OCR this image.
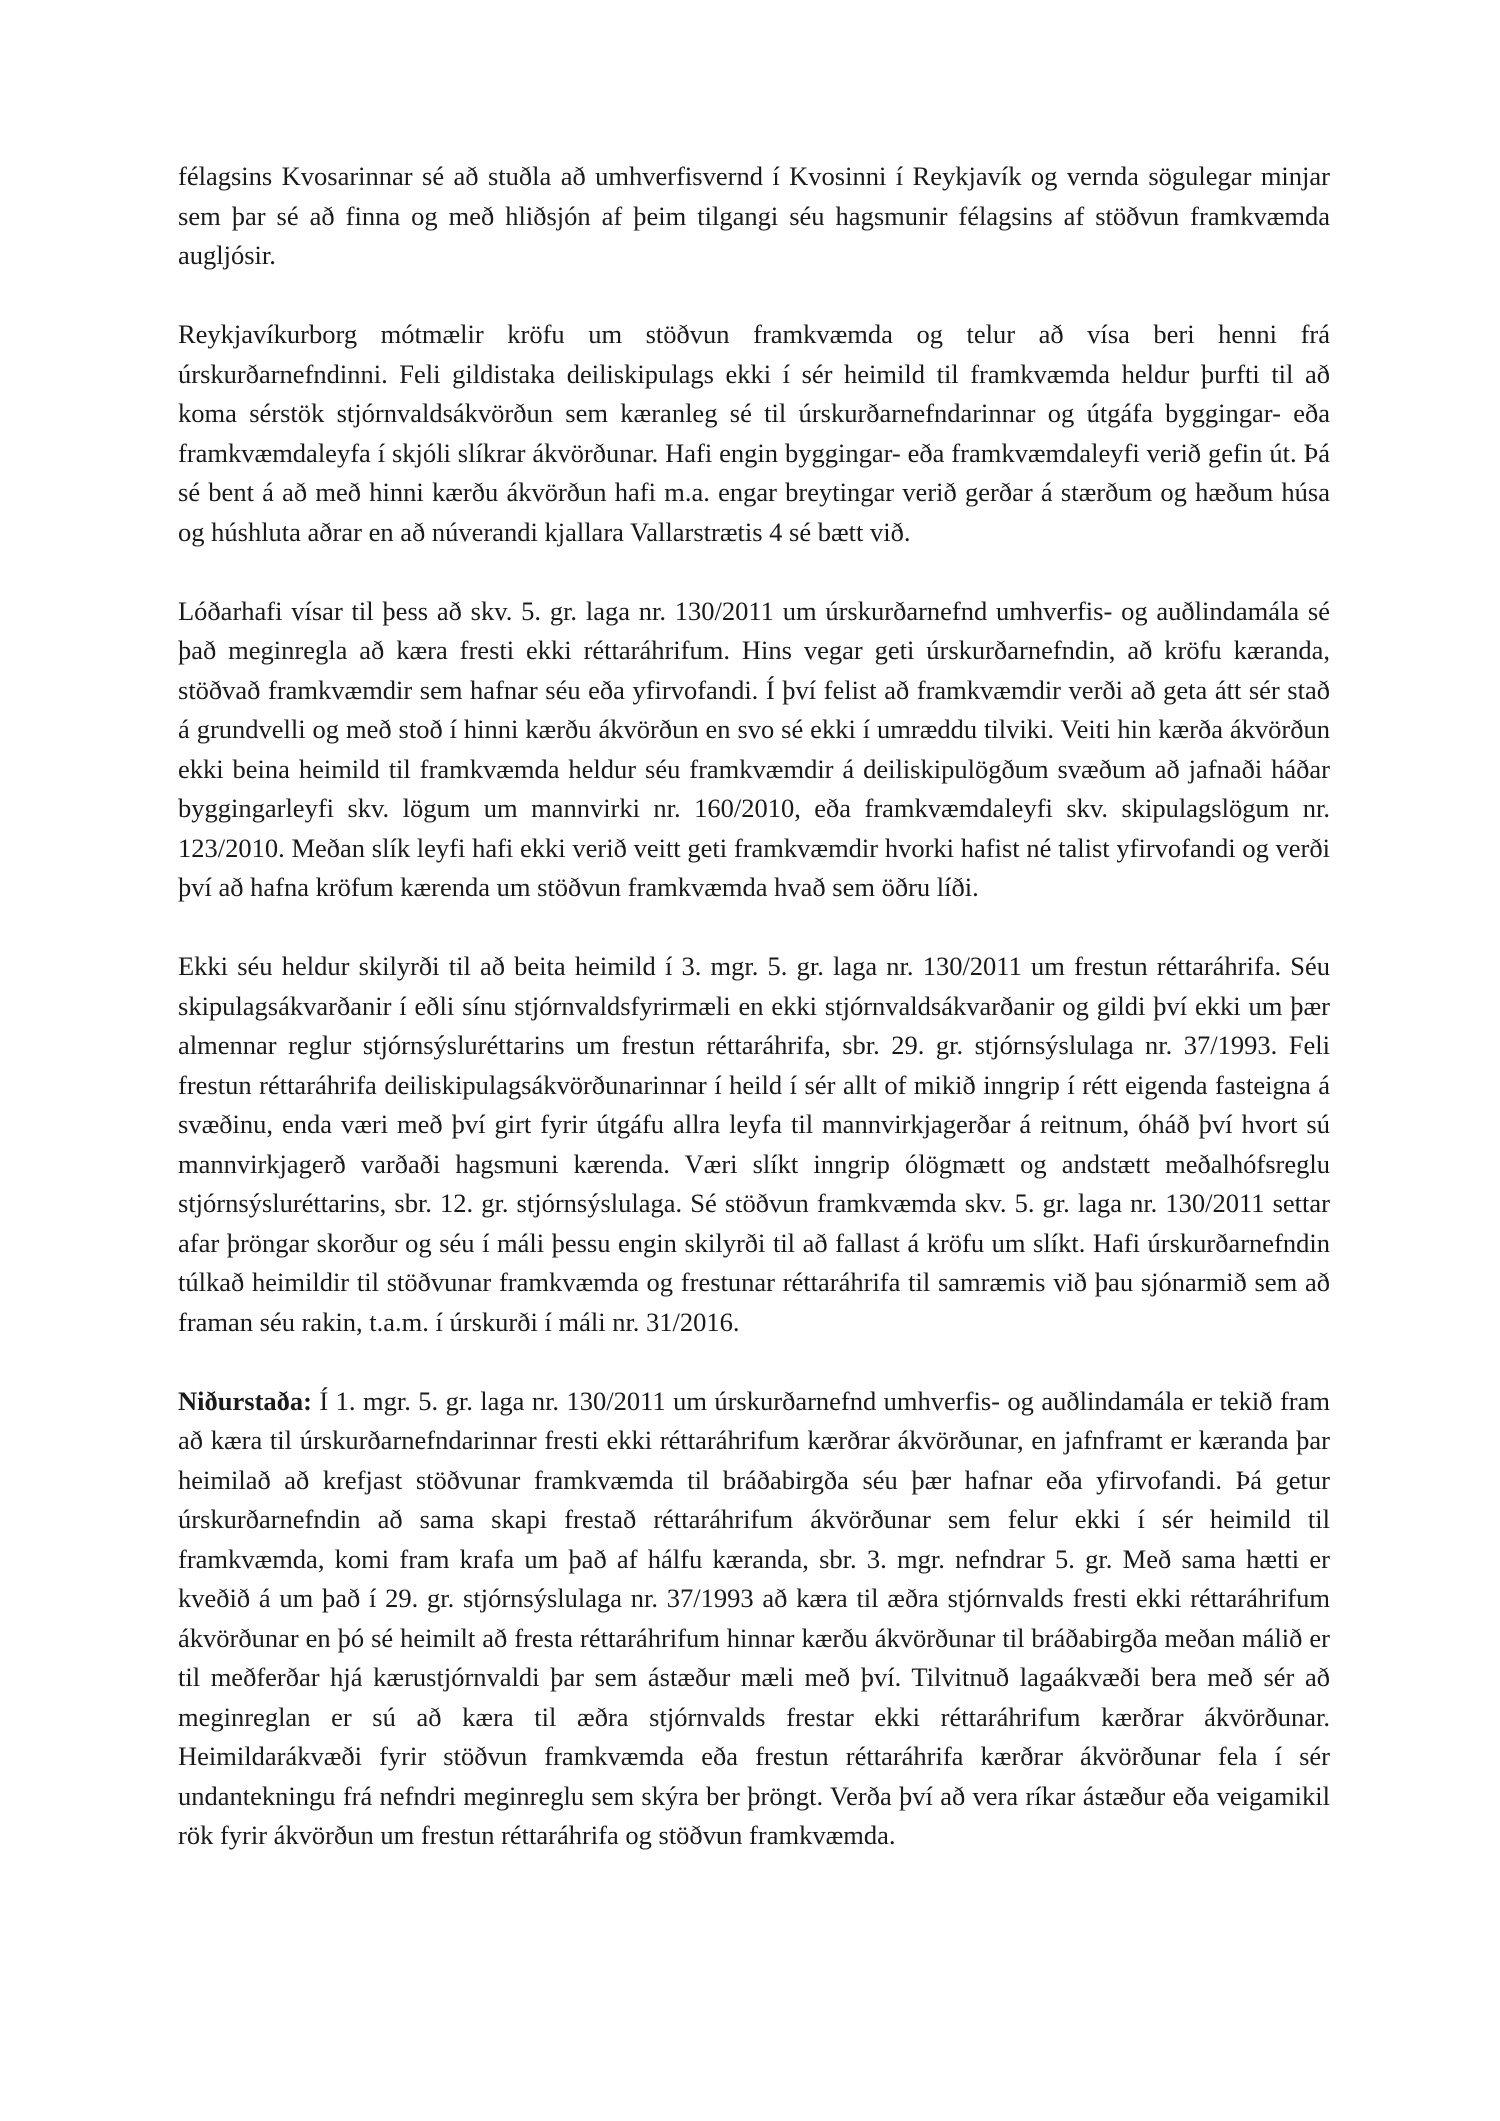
félagsins Kvosarinnar sé að stuðla að umhverfisvernd í Kvosinni í Reykjavík og vernda sögulegar minjar sem þar sé að finna og með hliðsjón af þeim tilgangi séu hagsmunir félagsins af stöðvun framkvæmda augljósir.

Reykjavíkurborg mótmælir kröfu um stöðvun framkvæmda og telur að vísa beri henni frá úrskurðarnefndinni. Feli gildistaka deiliskipulags ekki í sér heimild til framkvæmda heldur þurfti til að koma sérstök stjórnvaldsákvörðun sem kæranleg sé til úrskurðarnefndarinnar og útgáfa byggingar- eða framkvæmdaleyfa í skjóli slíkrar ákvörðunar. Hafi engin byggingar- eða framkvæmdaleyfi verið gefin út. Þá sé bent á að með hinni kærðu ákvörðun hafi m.a. engar breytingar verið gerðar á stærðum og hæðum húsa og húshluta aðrar en að núverandi kjallara Vallarstrætis 4 sé bætt við.

Lóðarhafi vísar til þess að skv. 5. gr. laga nr. 130/2011 um úrskurðarnefnd umhverfis- og auðlindamála sé það meginregla að kæra fresti ekki réttaráhrifum. Hins vegar geti úrskurðarnefndin, að kröfu kæranda, stöðvað framkvæmdir sem hafnar séu eða yfirvofandi. Í því felist að framkvæmdir verði að geta átt sér stað á grundvelli og með stoð í hinni kærðu ákvörðun en svo sé ekki í umræddu tilviki. Veiti hin kærða ákvörðun ekki beina heimild til framkvæmda heldur séu framkvæmdir á deiliskipulögðum svæðum að jafnaði háðar byggingarleyfi skv. lögum um mannvirki nr. 160/2010, eða framkvæmdaleyfi skv. skipulagslögum nr. 123/2010. Meðan slík leyfi hafi ekki verið veitt geti framkvæmdir hvorki hafist né talist yfirvofandi og verði því að hafna kröfum kærenda um stöðvun framkvæmda hvað sem öðru líði.

Ekki séu heldur skilyrði til að beita heimild í 3. mgr. 5. gr. laga nr. 130/2011 um frestun réttaráhrifa. Séu skipulagsákvarðanir í eðli sínu stjórnvaldsfyrirmæli en ekki stjórnvaldsákvarðanir og gildi því ekki um þær almennar reglur stjórnsýsluréttarins um frestun réttaráhrifa, sbr. 29. gr. stjórnsýslulaga nr. 37/1993. Feli frestun réttaráhrifa deiliskipulagsákvörðunarinnar í heild í sér allt of mikið inngrip í rétt eigenda fasteigna á svæðinu, enda væri með því girt fyrir útgáfu allra leyfa til mannvirkjagerðar á reitnum, óháð því hvort sú mannvirkjagerð varðaði hagsmuni kærenda. Væri slíkt inngrip ólögmætt og andstætt meðalhófsreglu stjórnsýsluréttarins, sbr. 12. gr. stjórnsýslulaga. Sé stöðvun framkvæmda skv. 5. gr. laga nr. 130/2011 settar afar þröngar skorður og séu í máli þessu engin skilyrði til að fallast á kröfu um slíkt. Hafi úrskurðarnefndin túlkað heimildir til stöðvunar framkvæmda og frestunar réttaráhrifa til samræmis við þau sjónarmið sem að framan séu rakin, t.a.m. í úrskurði í máli nr. 31/2016.

Niðurstaða: Í 1. mgr. 5. gr. laga nr. 130/2011 um úrskurðarnefnd umhverfis- og auðlindamála er tekið fram að kæra til úrskurðarnefndarinnar fresti ekki réttaráhrifum kærðrar ákvörðunar, en jafnframt er kæranda þar heimilað að krefjast stöðvunar framkvæmda til bráðabirgða séu þær hafnar eða yfirvofandi. Þá getur úrskurðarnefndin að sama skapi frestað réttaráhrifum ákvörðunar sem felur ekki í sér heimild til framkvæmda, komi fram krafa um það af hálfu kæranda, sbr. 3. mgr. nefndrar 5. gr. Með sama hætti er kveðið á um það í 29. gr. stjórnsýslulaga nr. 37/1993 að kæra til æðra stjórnvalds fresti ekki réttaráhrifum ákvörðunar en þó sé heimilt að fresta réttaráhrifum hinnar kærðu ákvörðunar til bráðabirgða meðan málið er til meðferðar hjá kærustjórnvaldi þar sem ástæður mæli með því. Tilvitnuð lagaákvæði bera með sér að meginreglan er sú að kæra til æðra stjórnvalds frestar ekki réttaráhrifum kærðrar ákvörðunar. Heimildarákvæði fyrir stöðvun framkvæmda eða frestun réttaráhrifa kærðrar ákvörðunar fela í sér undantekningu frá nefndri meginreglu sem skýra ber þröngt. Verða því að vera ríkar ástæður eða veigamikil rök fyrir ákvörðun um frestun réttaráhrifa og stöðvun framkvæmda.
